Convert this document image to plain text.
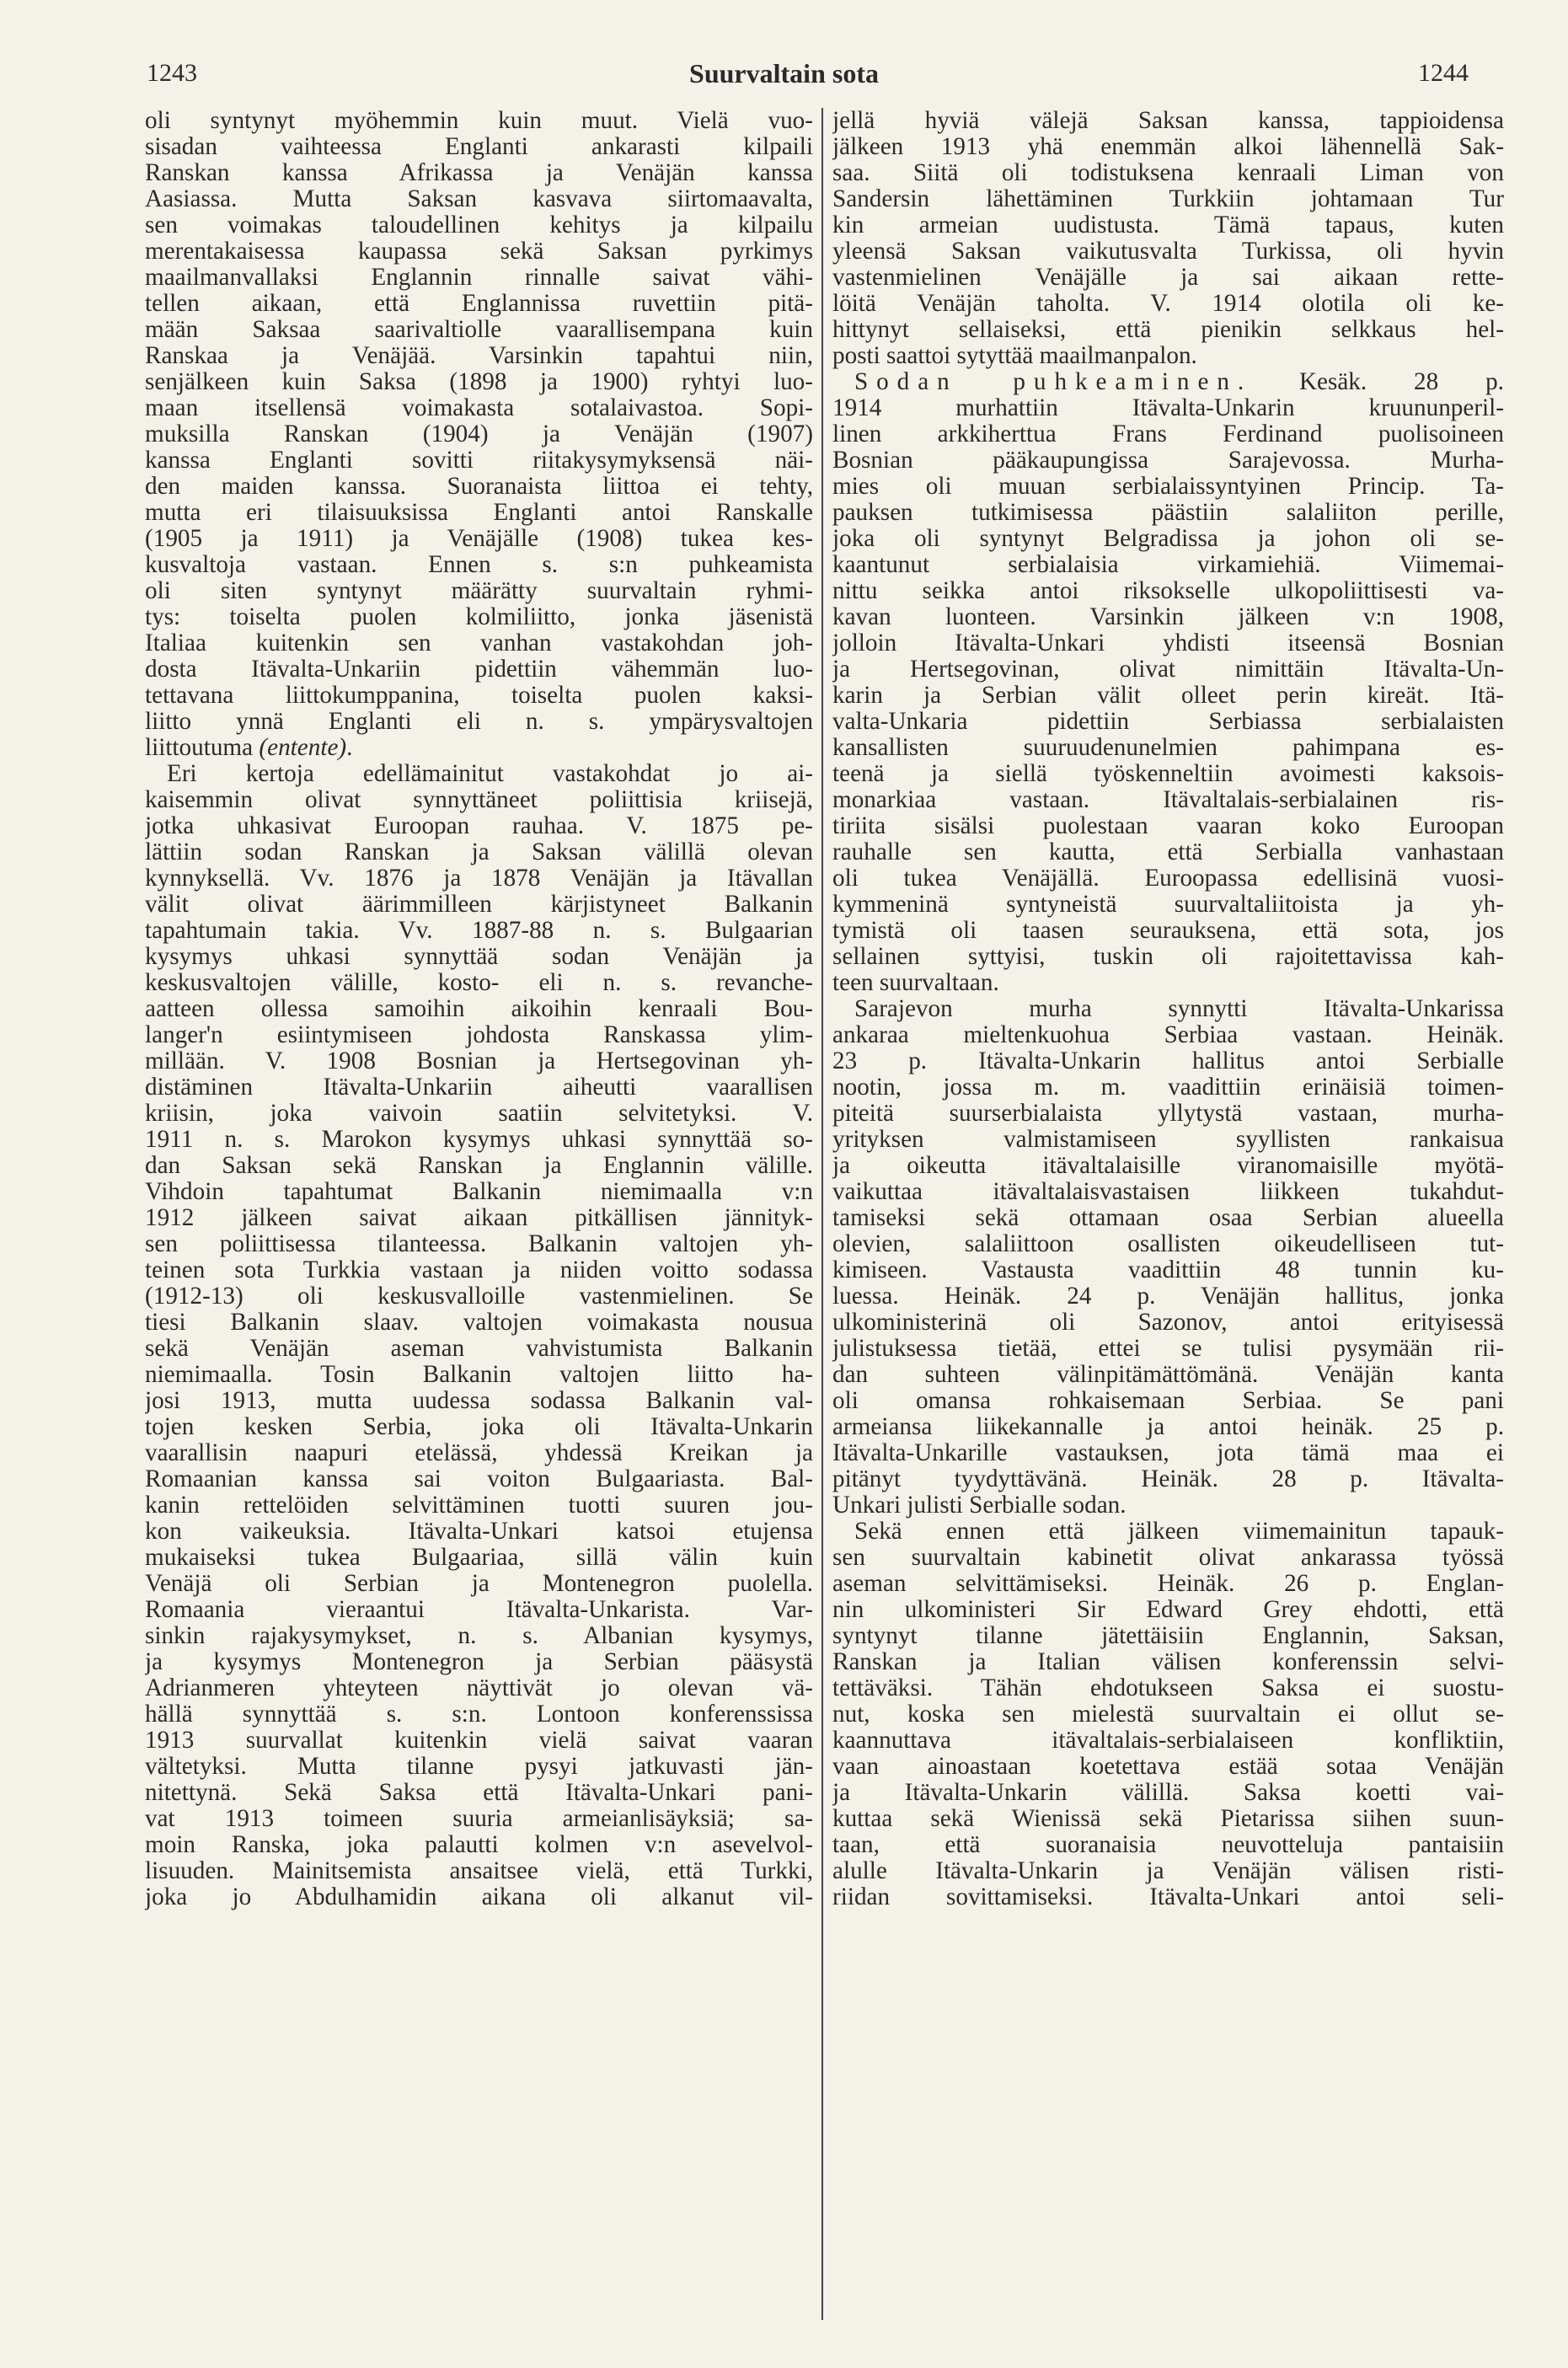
1243	Suurvaltain sota	1244
oli syntynyt myöhemmin kuin muut. Vielä vuo-
sisadan vaihteessa Englanti ankarasti kilpaili
Ranskan kanssa Afrikassa ja Venäjän kanssa
Aasiassa. Mutta Saksan kasvava siirtomaavalta,
sen voimakas taloudellinen kehitys ja kilpailu
merentakaisessa kaupassa sekä Saksan pyrkimys
maailmanvallaksi Englannin rinnalle saivat vähi-
tellen aikaan, että Englannissa ruvettiin pitä-
mään Saksaa saarivaltiolle vaarallisempana kuin
Ranskaa ja Venäjää. Varsinkin tapahtui niin,
senjälkeen kuin Saksa (1898 ja 1900) ryhtyi luo-
maan itsellensä voimakasta sotalaivastoa. Sopi-
muksilla Ranskan (1904) ja Venäjän (1907)
kanssa Englanti sovitti riitakysymyksensä näi-
den maiden kanssa. Suoranaista liittoa ei tehty,
mutta eri tilaisuuksissa Englanti antoi Ranskalle
(1905 ja 1911) ja Venäjälle (1908) tukea kes-
kusvaltoja vastaan. Ennen s. s:n puhkeamista
oli siten syntynyt määrätty suurvaltain ryhmi-
tys: toiselta puolen kolmiliitto, jonka jäsenistä
Italiaa kuitenkin sen vanhan vastakohdan joh-
dosta Itävalta-Unkariin pidettiin vähemmän luo-
tettavana liittokumppanina, toiselta puolen kaksi-
liitto ynnä Englanti eli n. s. ympärysvaltojen
liittoutuma (entente).
Eri kertoja edellämainitut vastakohdat jo ai-
kaisemmin olivat synnyttäneet poliittisia kriisejä,
jotka uhkasivat Euroopan rauhaa. V. 1875 pe-
lättiin sodan Ranskan ja Saksan välillä olevan
kynnyksellä. Vv. 1876 ja 1878 Venäjän ja Itävallan
välit olivat äärimmilleen kärjistyneet Balkanin
tapahtumain takia. Vv. 1887-88 n. s. Bulgaarian
kysymys uhkasi synnyttää sodan Venäjän ja
keskusvaltojen välille, kosto- eli n. s. revanche-
aatteen ollessa samoihin aikoihin kenraali Bou-
langer'n esiintymiseen johdosta Ranskassa ylim-
millään. V. 1908 Bosnian ja Hertsegovinan yh-
distäminen Itävalta-Unkariin aiheutti vaarallisen
kriisin, joka vaivoin saatiin selvitetyksi. V.
1911 n. s. Marokon kysymys uhkasi synnyttää so-
dan Saksan sekä Ranskan ja Englannin välille.
Vihdoin tapahtumat Balkanin niemimaalla v:n
1912 jälkeen saivat aikaan pitkällisen jännityk-
sen poliittisessa tilanteessa. Balkanin valtojen yh-
teinen sota Turkkia vastaan ja niiden voitto sodassa
(1912-13) oli keskusvalloille vastenmielinen. Se
tiesi Balkanin slaav. valtojen voimakasta nousua
sekä Venäjän aseman vahvistumista Balkanin
niemimaalla. Tosin Balkanin valtojen liitto ha-
josi 1913, mutta uudessa sodassa Balkanin val-
tojen kesken Serbia, joka oli Itävalta-Unkarin
vaarallisin naapuri etelässä, yhdessä Kreikan ja
Romaanian kanssa sai voiton Bulgaariasta. Bal-
kanin rettelöiden selvittäminen tuotti suuren jou-
kon vaikeuksia. Itävalta-Unkari katsoi etujensa
mukaiseksi tukea Bulgaariaa, sillä välin kuin
Venäjä oli Serbian ja Montenegron puolella.
Romaania vieraantui Itävalta-Unkarista. Var-
sinkin rajakysymykset, n. s. Albanian kysymys,
ja kysymys Montenegron ja Serbian pääsystä
Adrianmeren yhteyteen näyttivät jo olevan vä-
hällä synnyttää s. s:n. Lontoon konferenssissa
1913 suurvallat kuitenkin vielä saivat vaaran
vältetyksi. Mutta tilanne pysyi jatkuvasti jän-
nitettynä. Sekä Saksa että Itävalta-Unkari pani-
vat 1913 toimeen suuria armeianlisäyksiä; sa-
moin Ranska, joka palautti kolmen v:n asevelvol-
lisuuden. Mainitsemista ansaitsee vielä, että Turkki,
joka jo Abdulhamidin aikana oli alkanut vil-
jellä hyviä välejä Saksan kanssa, tappioidensa
jälkeen 1913 yhä enemmän alkoi lähennellä Sak-
saa. Siitä oli todistuksena kenraali Liman von
Sandersin lähettäminen Turkkiin johtamaan Tur
kin armeian uudistusta. Tämä tapaus, kuten
yleensä Saksan vaikutusvalta Turkissa, oli hyvin
vastenmielinen Venäjälle ja sai aikaan rette-
löitä Venäjän taholta. V. 1914 olotila oli ke-
hittynyt sellaiseksi, että pienikin selkkaus hel-
posti saattoi sytyttää maailmanpalon.
Sodan puhkeaminen. Kesäk. 28 p.
1914 murhattiin Itävalta-Unkarin kruununperil-
linen arkkiherttua Frans Ferdinand puolisoineen
Bosnian pääkaupungissa Sarajevossa. Murha-
mies oli muuan serbialaissyntyinen Princip. Ta-
pauksen tutkimisessa päästiin salaliiton perille,
joka oli syntynyt Belgradissa ja johon oli se-
kaantunut serbialaisia virkamiehiä. Viimemai-
nittu seikka antoi riksokselle ulkopoliittisesti va-
kavan luonteen. Varsinkin jälkeen v:n 1908,
jolloin Itävalta-Unkari yhdisti itseensä Bosnian
ja Hertsegovinan, olivat nimittäin Itävalta-Un-
karin ja Serbian välit olleet perin kireät. Itä-
valta-Unkaria pidettiin Serbiassa serbialaisten
kansallisten suuruudenunelmien pahimpana es-
teenä ja siellä työskenneltiin avoimesti kaksois-
monarkiaa vastaan. Itävaltalais-serbialainen ris-
tiriita sisälsi puolestaan vaaran koko Euroopan
rauhalle sen kautta, että Serbialla vanhastaan
oli tukea Venäjällä. Euroopassa edellisinä vuosi-
kymmeninä syntyneistä suurvaltaliitoista ja yh-
tymistä oli taasen seurauksena, että sota, jos
sellainen syttyisi, tuskin oli rajoitettavissa kah-
teen suurvaltaan.
Sarajevon murha synnytti Itävalta-Unkarissa
ankaraa mieltenkuohua Serbiaa vastaan. Heinäk.
23 p. Itävalta-Unkarin hallitus antoi Serbialle
nootin, jossa m. m. vaadittiin erinäisiä toimen-
piteitä suurserbialaista yllytystä vastaan, murha-
yrityksen valmistamiseen syyllisten rankaisua
ja oikeutta itävaltalaisille viranomaisille myötä-
vaikuttaa itävaltalaisvastaisen liikkeen tukahdut-
tamiseksi sekä ottamaan osaa Serbian alueella
olevien, salaliittoon osallisten oikeudelliseen tut-
kimiseen. Vastausta vaadittiin 48 tunnin ku-
luessa. Heinäk. 24 p. Venäjän hallitus, jonka
ulkoministerinä oli Sazonov, antoi erityisessä
julistuksessa tietää, ettei se tulisi pysymään rii-
dan suhteen välinpitämättömänä. Venäjän kanta
oli omansa rohkaisemaan Serbiaa. Se pani
armeiansa liikekannalle ja antoi heinäk. 25 p.
Itävalta-Unkarille vastauksen, jota tämä maa ei
pitänyt tyydyttävänä. Heinäk. 28 p. Itävalta-
Unkari julisti Serbialle sodan.
Sekä ennen että jälkeen viimemainitun tapauk-
sen suurvaltain kabinetit olivat ankarassa työssä
aseman selvittämiseksi. Heinäk. 26 p. Englan-
nin ulkoministeri Sir Edward Grey ehdotti, että
syntynyt tilanne jätettäisiin Englannin, Saksan,
Ranskan ja Italian välisen konferenssin selvi-
tettäväksi. Tähän ehdotukseen Saksa ei suostu-
nut, koska sen mielestä suurvaltain ei ollut se-
kaannuttava itävaltalais-serbialaiseen konfliktiin,
vaan ainoastaan koetettava estää sotaa Venäjän
ja Itävalta-Unkarin välillä. Saksa koetti vai-
kuttaa sekä Wienissä sekä Pietarissa siihen suun-
taan, että suoranaisia neuvotteluja pantaisiin
alulle Itävalta-Unkarin ja Venäjän välisen risti-
riidan sovittamiseksi. Itävalta-Unkari antoi seli-
